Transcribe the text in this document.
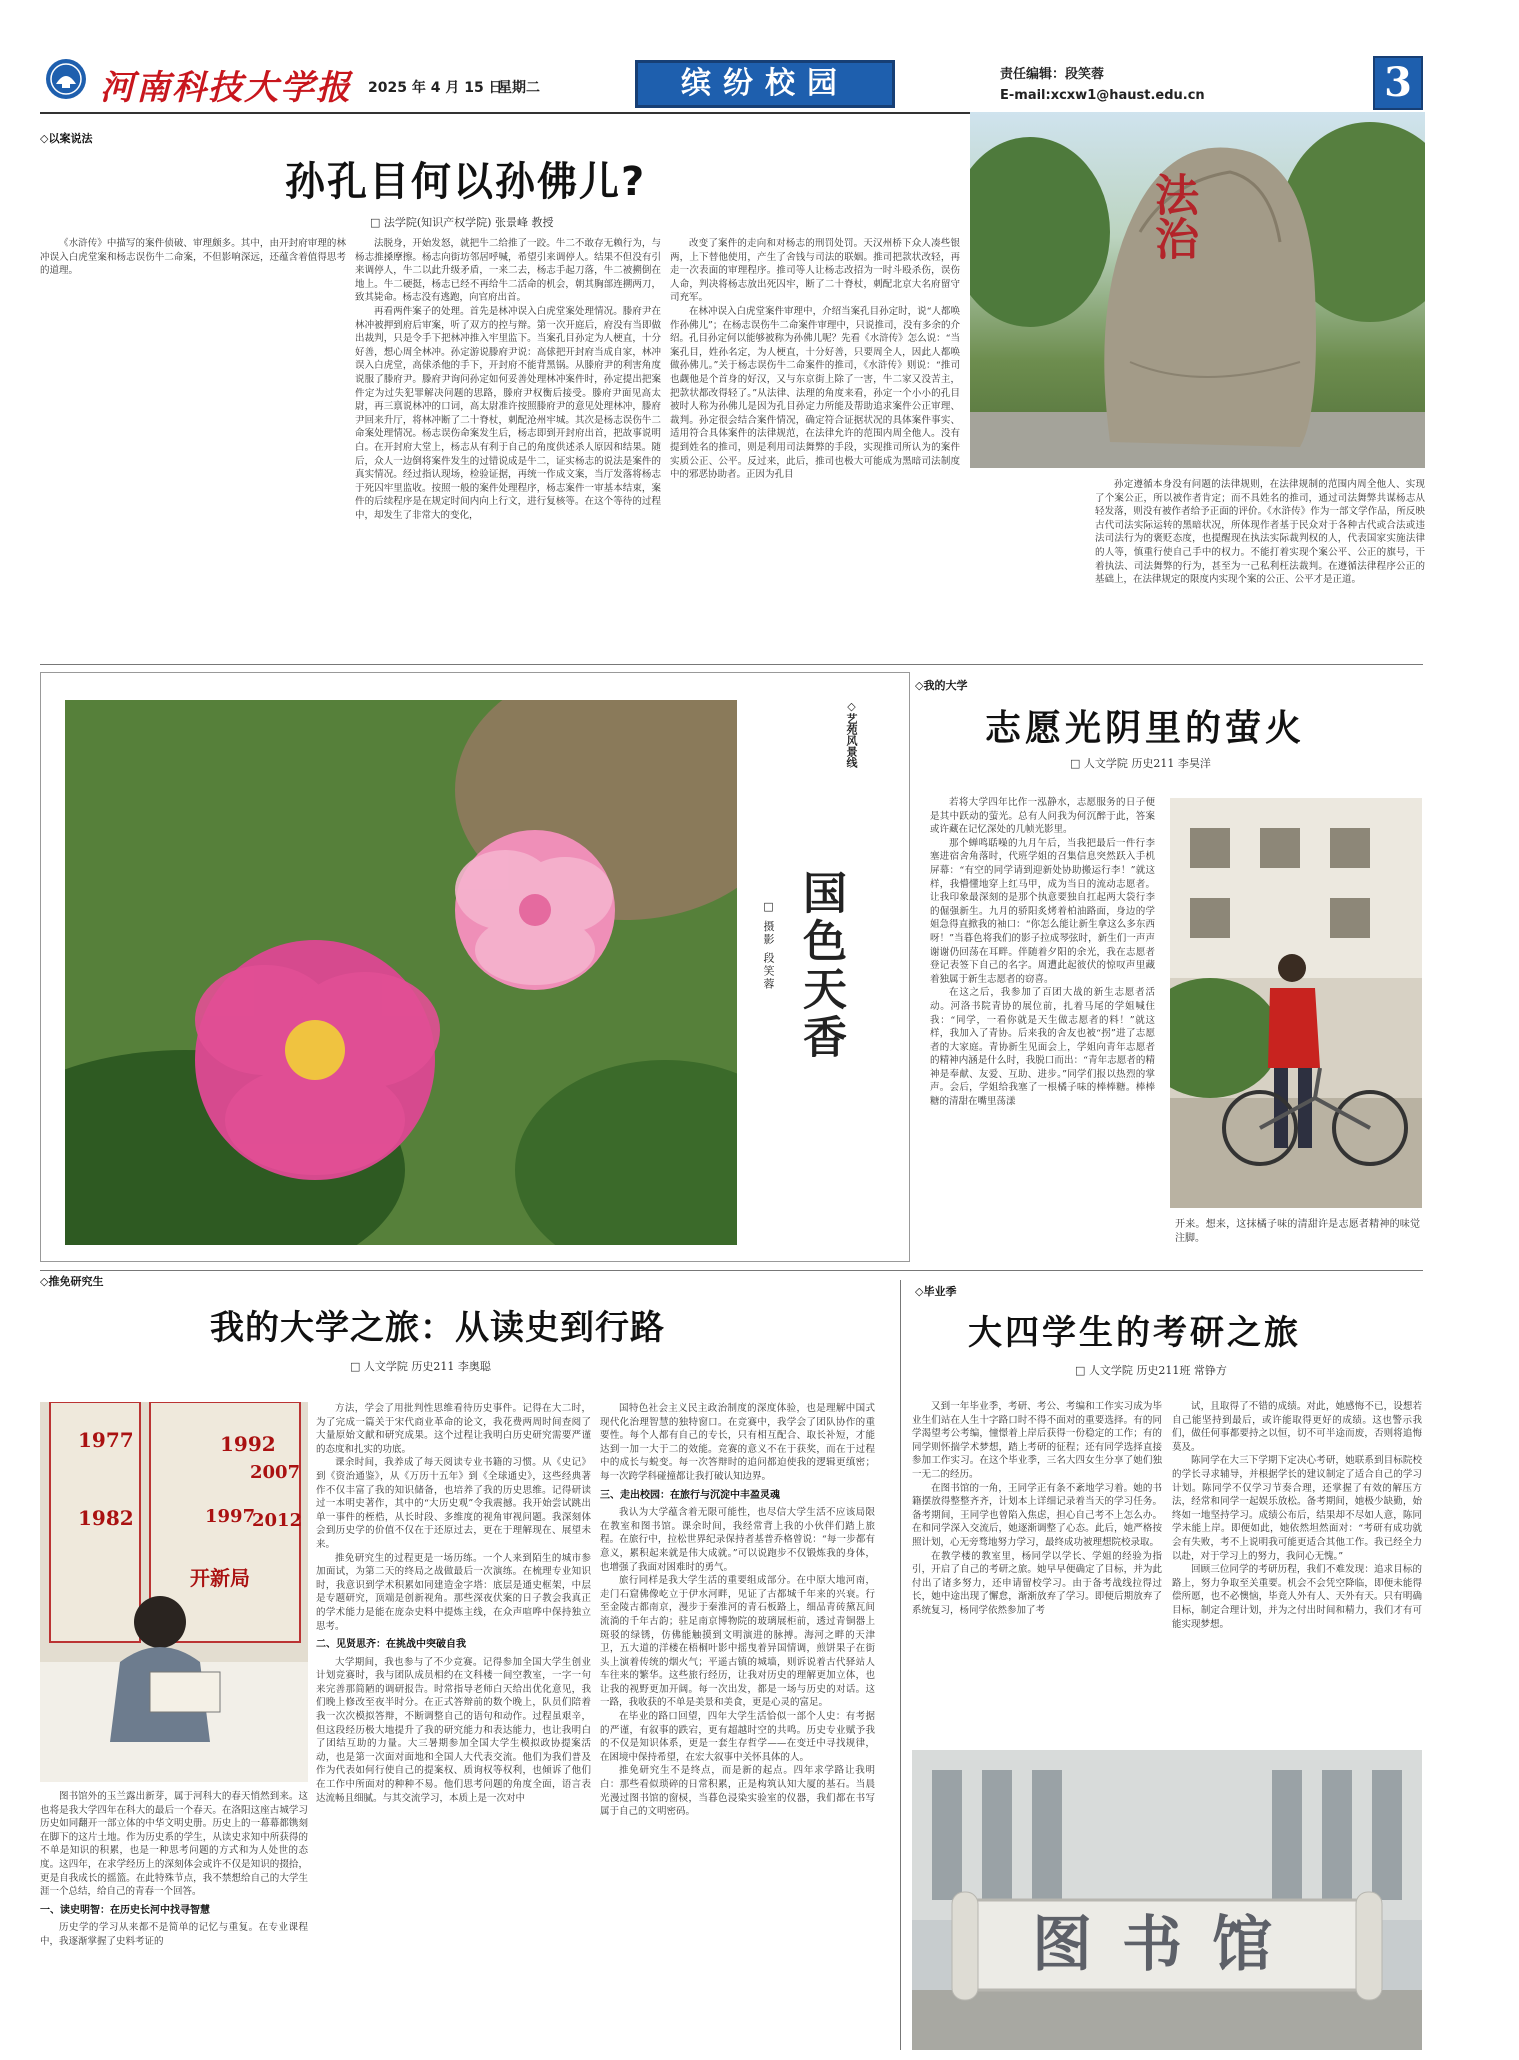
河南科技大学报 2025 年 4 月 15 日
星期二	缤纷校园	责任编辑：段笑蓉
E-mail:xcxw1@haust.edu.cn	3
◇以案说法
孙孔目何以孙佛儿?
□ 法学院(知识产权学院) 张景峰 教授

《水浒传》中描写的案件侦破、审理颇多。其中，由开封府审理的林冲误入白虎堂案和杨志误伤牛二命案，不但影响深远，还蕴含着值得思考的道理。

法脱身，开始发怒，就把牛二给推了一跤。牛二不敢存无赖行为，与杨志推搡摩擦。杨志向街坊邻居呼喊，希望引来调停人。结果不但没有引来调停人，牛二以此升级矛盾，一来二去，杨志手起刀落，牛二被搠倒在地上。牛二硬挺，杨志已经不再给牛二活命的机会，朝其胸部连搠两刀，致其毙命。杨志没有逃跑，向官府出首。

再看两件案子的处理。首先是林冲误入白虎堂案处理情况。滕府尹在林冲被押到府后审案，听了双方的控与辩。第一次开庭后，府没有当即做出裁判，只是令手下把林冲推入牢里监下。当案孔目孙定为人梗直，十分好善，想心周全林冲。孙定游说滕府尹说：高俅把开封府当成自家，林冲误入白虎堂，高俅杀他的手下，开封府不能背黑锅。从滕府尹的利害角度说服了滕府尹。滕府尹询问孙定如何妥善处理林冲案件时，孙定提出把案件定为过失犯罪解决问题的思路，滕府尹权衡后接受。滕府尹面见高太尉，再三禀说林冲的口词，高太尉准许按照滕府尹的意见处理林冲，滕府尹回来升厅，将林冲断了二十脊杖，刺配沧州牢城。其次是杨志误伤牛二命案处理情况。杨志误伤命案发生后，杨志即到开封府出首，把故事说明白。在开封府大堂上，杨志从有利于自己的角度供述杀人原因和结果。随后，众人一边倒将案件发生的过错说成是牛二，证实杨志的说法是案件的真实情况。经过指认现场，检验证据，再统一作成文案，当厅发落将杨志于死囚牢里监收。按照一般的案件处理程序，杨志案件一审基本结束，案件的后续程序是在规定时间内向上行文，进行复核等。在这个等待的过程中，却发生了非常大的变化，

改变了案件的走向和对杨志的刑罚处罚。天汉州桥下众人凑些银两，上下替他使用，产生了舍钱与司法的联姻。推司把款状改轻，再走一次表面的审理程序。推司等人让杨志改招为一时斗殴杀伤，误伤人命，判决将杨志放出死囚牢，断了二十脊杖，刺配北京大名府留守司充军。

在林冲误入白虎堂案件审理中，介绍当案孔目孙定时，说“人都唤作孙佛儿”；在杨志误伤牛二命案件审理中，只说推司，没有多余的介绍。孔目孙定何以能够被称为孙佛儿呢？先看《水浒传》怎么说：“当案孔目，姓孙名定，为人梗直，十分好善，只要周全人，因此人都唤做孙佛儿。”关于杨志误伤牛二命案件的推司，《水浒传》则说：“推司也觑他是个首身的好汉，又与东京街上除了一害，牛二家又没苦主，把款状都改得轻了。”从法律、法理的角度来看，孙定一个小小的孔目被时人称为孙佛儿是因为孔目孙定力所能及帮助追求案件公正审理、裁判。孙定很会结合案件情况，确定符合证据状况的具体案件事实、适用符合具体案件的法律规范，在法律允许的范围内周全他人。没有提到姓名的推司，则是利用司法舞弊的手段，实现推司所认为的案件实质公正、公平。反过来，此后，推司也极大可能成为黑暗司法制度中的邪恶协助者。正因为孔目

孙定遵循本身没有问题的法律规则，在法律规制的范围内周全他人、实现了个案公正，所以被作者肯定；而不具姓名的推司，通过司法舞弊共谋杨志从轻发落，则没有被作者给予正面的评价。《水浒传》作为一部文学作品，所反映古代司法实际运转的黑暗状况，所体现作者基于民众对于各种古代或合法或违法司法行为的褒贬态度，也提醒现在执法实际裁判权的人，代表国家实施法律的人等，慎重行使自己手中的权力。不能打着实现个案公平、公正的旗号，干着执法、司法舞弊的行为，甚至为一己私利枉法裁判。在遵循法律程序公正的基础上，在法律规定的限度内实现个案的公正、公平才是正道。

◇艺苑风景线
国色天香
□ 摄影 段笑蓉
◇我的大学
志愿光阴里的萤火
□ 人文学院 历史211 李昊洋

若将大学四年比作一泓静水，志愿服务的日子便是其中跃动的萤光。总有人问我为何沉醉于此，答案或许藏在记忆深处的几帧光影里。

那个蝉鸣聒噪的九月午后，当我把最后一件行李塞进宿舍角落时，代班学姐的召集信息突然跃入手机屏幕：“有空的同学请到迎新处协助搬运行李！”就这样，我懵懂地穿上红马甲，成为当日的流动志愿者。让我印象最深刻的是那个执意要独自扛起两大袋行李的倔强新生。九月的骄阳炙烤着柏油路面，身边的学姐急得直掀我的袖口：“你怎么能让新生拿这么多东西呀！”当暮色将我们的影子拉成琴弦时，新生们一声声谢谢仍回荡在耳畔。伴随着夕阳的余光，我在志愿者登记表签下自己的名字。周遭此起彼伏的惊叹声里藏着独属于新生志愿者的窃喜。

在这之后，我参加了百团大战的新生志愿者活动。河洛书院青协的展位前，扎着马尾的学姐喊住我：“同学，一看你就是天生做志愿者的料！”就这样，我加入了青协。后来我的舍友也被“拐”进了志愿者的大家庭。青协新生见面会上，学姐向青年志愿者的精神内涵是什么时，我脱口而出：“青年志愿者的精神是奉献、友爱、互助、进步。”同学们报以热烈的掌声。会后，学姐给我塞了一根橘子味的棒棒糖。棒棒糖的清甜在嘴里荡漾

开来。想来，这抹橘子味的清甜许是志愿者精神的味觉注脚。
◇推免研究生
我的大学之旅：从读史到行路
□ 人文学院 历史211 李奥聪
1977	1992
2007
1982	1997
2012
开新局

图书馆外的玉兰露出新芽，属于河科大的春天悄然到来。这也将是我大学四年在科大的最后一个春天。在洛阳这座古城学习历史如同翻开一部立体的中华文明史册。历史上的一幕幕都镌刻在脚下的这片土地。作为历史系的学生，从读史求知中所获得的不单是知识的积累，也是一种思考问题的方式和为人处世的态度。这四年，在求学经历上的深刻体会或许不仅是知识的掇拾，更是自我成长的摇篮。在此特殊节点，我不禁想给自己的大学生涯一个总结，给自己的青春一个回答。

一、读史明智：在历史长河中找寻智慧

历史学的学习从来都不是简单的记忆与重复。在专业课程中，我逐渐掌握了史料考证的

方法，学会了用批判性思维看待历史事件。记得在大二时，为了完成一篇关于宋代商业革命的论文，我花费两周时间查阅了大量原始文献和研究成果。这个过程让我明白历史研究需要严谨的态度和扎实的功底。

课余时间，我养成了每天阅读专业书籍的习惯。从《史记》到《资治通鉴》，从《万历十五年》到《全球通史》，这些经典著作不仅丰富了我的知识储备，也培养了我的历史思维。记得研读过一本明史著作，其中的“大历史观”令我震撼。我开始尝试跳出单一事件的桎梏，从长时段、多维度的视角审视问题。我深刻体会到历史学的价值不仅在于还原过去，更在于理解现在、展望未来。

推免研究生的过程更是一场历练。一个人来到陌生的城市参加面试，为第二天的终局之战做最后一次演练。在梳理专业知识时，我意识到学术积累如同建造金字塔：底层是通史框架，中层是专题研究，顶端是创新视角。那些深夜伏案的日子教会我真正的学术能力是能在庞杂史料中提炼主线，在众声喧哗中保持独立思考。

二、见贤思齐：在挑战中突破自我

大学期间，我也参与了不少竞赛。记得参加全国大学生创业计划竞赛时，我与团队成员相约在文科楼一间空教室，一字一句来完善那简陋的调研报告。时常指导老师白天给出优化意见，我们晚上修改至夜半时分。在正式答辩前的数个晚上，队员们陪着我一次次模拟答辩，不断调整自己的语句和动作。过程虽艰辛，但这段经历极大地提升了我的研究能力和表达能力，也让我明白了团结互助的力量。大三暑期参加全国大学生模拟政协提案活动，也是第一次面对面地和全国人大代表交流。他们为我们普及作为代表如何行使自己的提案权、质询权等权利，也倾诉了他们在工作中所面对的种种不易。他们思考问题的角度全面，语言表达流畅且细腻。与其交流学习，本质上是一次对中

国特色社会主义民主政治制度的深度体验，也是理解中国式现代化治理智慧的独特窗口。在竞赛中，我学会了团队协作的重要性。每个人都有自己的专长，只有相互配合、取长补短，才能达到一加一大于二的效能。竞赛的意义不在于获奖，而在于过程中的成长与蜕变。每一次答辩时的追问都迫使我的逻辑更缜密；每一次跨学科碰撞都让我打破认知边界。

三、走出校园：在旅行与沉淀中丰盈灵魂

我认为大学蕴含着无限可能性，也尽信大学生活不应该局限在教室和图书馆。课余时间，我经常背上我的小伙伴们踏上旅程。在旅行中，拉松世界纪录保持者基普乔格曾说：“每一步都有意义，累积起来就是伟大成就。”可以说跑步不仅锻炼我的身体，也增强了我面对困难时的勇气。

旅行同样是我大学生活的重要组成部分。在中原大地河南，走门石窟佛像屹立于伊水河畔，见证了古都城千年来的兴衰。行至金陵古都南京，漫步于秦淮河的青石板路上，细品青砖黛瓦间流淌的千年古韵；驻足南京博物院的玻璃展柜前，透过青铜器上斑驳的绿锈，仿佛能触摸到文明演进的脉搏。海河之畔的天津卫，五大道的洋楼在梧桐叶影中摇曳着异国情调，煎饼果子在街头上演着传统的烟火气；平遥古镇的城墙，则诉说着古代驿站人车往来的繁华。这些旅行经历，让我对历史的理解更加立体，也让我的视野更加开阔。每一次出发，都是一场与历史的对话。这一路，我收获的不单是美景和美食，更是心灵的富足。

在毕业的路口回望，四年大学生活恰似一部个人史：有考据的严谨，有叙事的跌宕，更有超越时空的共鸣。历史专业赋予我的不仅是知识体系，更是一套生存哲学——在变迁中寻找规律，在困境中保持希望，在宏大叙事中关怀具体的人。

推免研究生不是终点，而是新的起点。四年求学路让我明白：那些看似琐碎的日常积累，正是构筑认知大厦的基石。当晨光漫过图书馆的窗棂，当暮色浸染实验室的仪器，我们都在书写属于自己的文明密码。

◇毕业季
大四学生的考研之旅
□ 人文学院 历史211班 常铮方

又到一年毕业季，考研、考公、考编和工作实习成为毕业生们站在人生十字路口时不得不面对的重要选择。有的同学渴望考公考编，憧憬着上岸后获得一份稳定的工作；有的同学则怀揣学术梦想，踏上考研的征程；还有同学选择直接参加工作实习。在这个毕业季，三名大四女生分享了她们独一无二的经历。

在图书馆的一角，王同学正有条不紊地学习着。她的书籍摆放得整整齐齐，计划本上详细记录着当天的学习任务。备考期间，王同学也曾陷入焦虑，担心自己考不上怎么办。在和同学深入交流后，她逐渐调整了心态。此后，她严格按照计划，心无旁骛地努力学习，最终成功被理想院校录取。

在教学楼的教室里，杨同学以学长、学姐的经验为指引，开启了自己的考研之旅。她早早便确定了目标，并为此付出了诸多努力，还申请留校学习。由于备考战线拉得过长，她中途出现了懈怠，渐渐放弃了学习。即便后期放弃了系统复习，杨同学依然参加了考

试，且取得了不错的成绩。对此，她感悔不已，设想若自己能坚持到最后，或许能取得更好的成绩。这也警示我们，做任何事都要持之以恒，切不可半途而废，否则将追悔莫及。

陈同学在大三下学期下定决心考研，她联系到目标院校的学长寻求辅导，并根据学长的建议制定了适合自己的学习计划。陈同学不仅学习节奏合理，还掌握了有效的解压方法，经常和同学一起娱乐放松。备考期间，她极少缺勤，始终如一地坚持学习。成绩公布后，结果却不尽如人意，陈同学未能上岸。即便如此，她依然坦然面对：“考研有成功就会有失败，考不上说明我可能更适合其他工作。我已经全力以赴，对于学习上的努力，我问心无愧。”

回顾三位同学的考研历程，我们不难发现：追求目标的路上，努力争取至关重要。机会不会凭空降临，即便未能得偿所愿，也不必懊恼，毕竟人外有人、天外有天。只有明确目标，制定合理计划，并为之付出时间和精力，我们才有可能实现梦想。

图书馆
